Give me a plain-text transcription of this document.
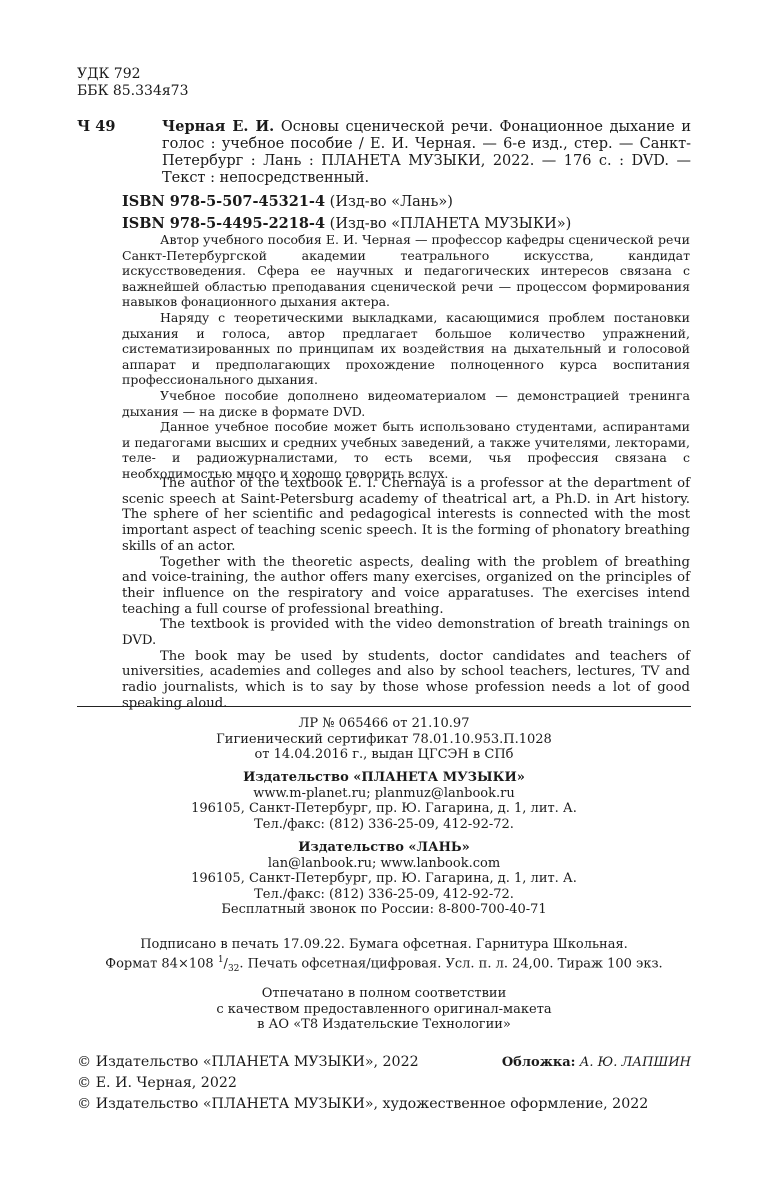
УДК 792
ББК 85.334я73
Ч 49	Черная Е. И. Основы сценической речи. Фонационное дыхание и голос : учебное пособие / Е. И. Черная. — 6-е изд., стер. — Санкт-Петербург : Лань : ПЛАНЕТА МУЗЫКИ, 2022. — 176 с. : DVD. — Текст : непосредственный.

ISBN 978-5-507-45321-4 (Изд-во «Лань»)
ISBN 978-5-4495-2218-4 (Изд-во «ПЛАНЕТА МУЗЫКИ»)

Автор учебного пособия Е. И. Черная — профессор кафедры сценической речи Санкт-Петербургской академии театрального искусства, кандидат искусствоведения. Сфера ее научных и педагогических интересов связана с важнейшей областью преподавания сценической речи — процессом формирования навыков фонационного дыхания актера.

Наряду с теоретическими выкладками, касающимися проблем постановки дыхания и голоса, автор предлагает большое количество упражнений, систематизированных по принципам их воздействия на дыхательный и голосовой аппарат и предполагающих прохождение полноценного курса воспитания профессионального дыхания.

Учебное пособие дополнено видеоматериалом — демонстрацией тренинга дыхания — на диске в формате DVD.

Данное учебное пособие может быть использовано студентами, аспирантами и педагогами высших и средних учебных заведений, а также учителями, лекторами, теле- и радиожурналистами, то есть всеми, чья профессия связана с необходимостью много и хорошо говорить вслух.

The author of the textbook E. I. Chernaya is a professor at the department of scenic speech at Saint-Petersburg academy of theatrical art, a Ph.D. in Art history. The sphere of her scientific and pedagogical interests is connected with the most important aspect of teaching scenic speech. It is the forming of phonatory breathing skills of an actor.

Together with the theoretic aspects, dealing with the problem of breathing and voice-training, the author offers many exercises, organized on the principles of their influence on the respiratory and voice apparatuses. The exercises intend teaching a full course of professional breathing.

The textbook is provided with the video demonstration of breath trainings on DVD.

The book may be used by students, doctor candidates and teachers of universities, academies and colleges and also by school teachers, lectures, TV and radio journalists, which is to say by those whose profession needs a lot of good speaking aloud.

ЛР № 065466 от 21.10.97
Гигиенический сертификат 78.01.10.953.П.1028
от 14.04.2016 г., выдан ЦГСЭН в СПб
Издательство «ПЛАНЕТА МУЗЫКИ»
www.m-planet.ru; planmuz@lanbook.ru
196105, Санкт-Петербург, пр. Ю. Гагарина, д. 1, лит. А.
Тел./факс: (812) 336-25-09, 412-92-72.
Издательство «ЛАНЬ»
lan@lanbook.ru; www.lanbook.com
196105, Санкт-Петербург, пр. Ю. Гагарина, д. 1, лит. А.
Тел./факс: (812) 336-25-09, 412-92-72.
Бесплатный звонок по России: 8-800-700-40-71
Подписано в печать 17.09.22. Бумага офсетная. Гарнитура Школьная.
Формат 84×108 $^1/_{32}$. Печать офсетная/цифровая. Усл. п. л. 24,00. Тираж 100 экз.
Отпечатано в полном соответствии
с качеством предоставленного оригинал-макета
в АО «Т8 Издательские Технологии»
© Издательство «ПЛАНЕТА МУЗЫКИ», 2022
© Е. И. Черная, 2022
© Издательство «ПЛАНЕТА МУЗЫКИ», художественное оформление, 2022
Обложка: А. Ю. ЛАПШИН
